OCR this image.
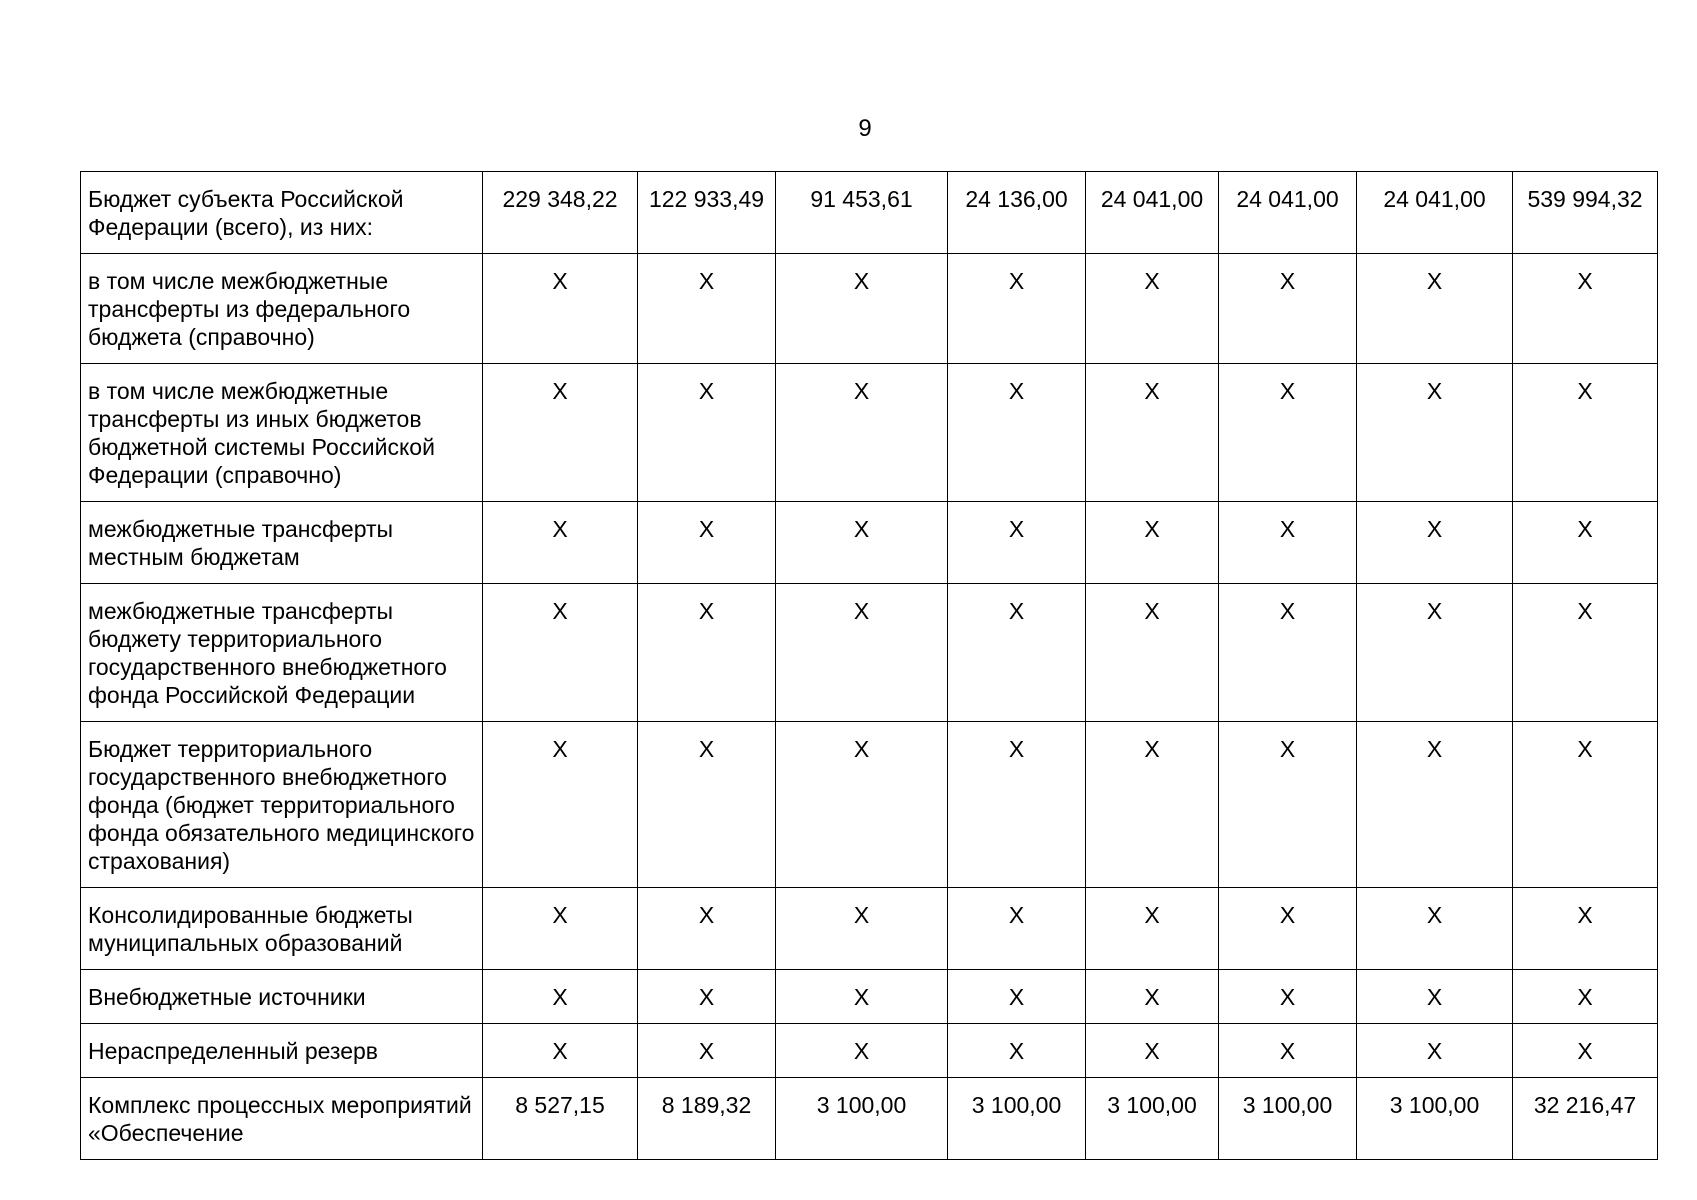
9
Бюджет субъекта Российской Федерации (всего), из них:	229 348,22	122 933,49	91 453,61	24 136,00	24 041,00	24 041,00	24 041,00	539 994,32
в том числе межбюджетные трансферты из федерального бюджета (справочно)	X	X	X	X	X	X	X	X
в том числе межбюджетные трансферты из иных бюджетов бюджетной системы Российской Федерации (справочно)	X	X	X	X	X	X	X	X
межбюджетные трансферты местным бюджетам	X	X	X	X	X	X	X	X
межбюджетные трансферты бюджету территориального государственного внебюджетного фонда Российской Федерации	X	X	X	X	X	X	X	X
Бюджет территориального государственного внебюджетного фонда (бюджет территориального фонда обязательного медицинского страхования)	X	X	X	X	X	X	X	X
Консолидированные бюджеты муниципальных образований	X	X	X	X	X	X	X	X
Внебюджетные источники	X	X	X	X	X	X	X	X
Нераспределенный резерв	X	X	X	X	X	X	X	X
Комплекс процессных мероприятий «Обеспечение	8 527,15	8 189,32	3 100,00	3 100,00	3 100,00	3 100,00	3 100,00	32 216,47
